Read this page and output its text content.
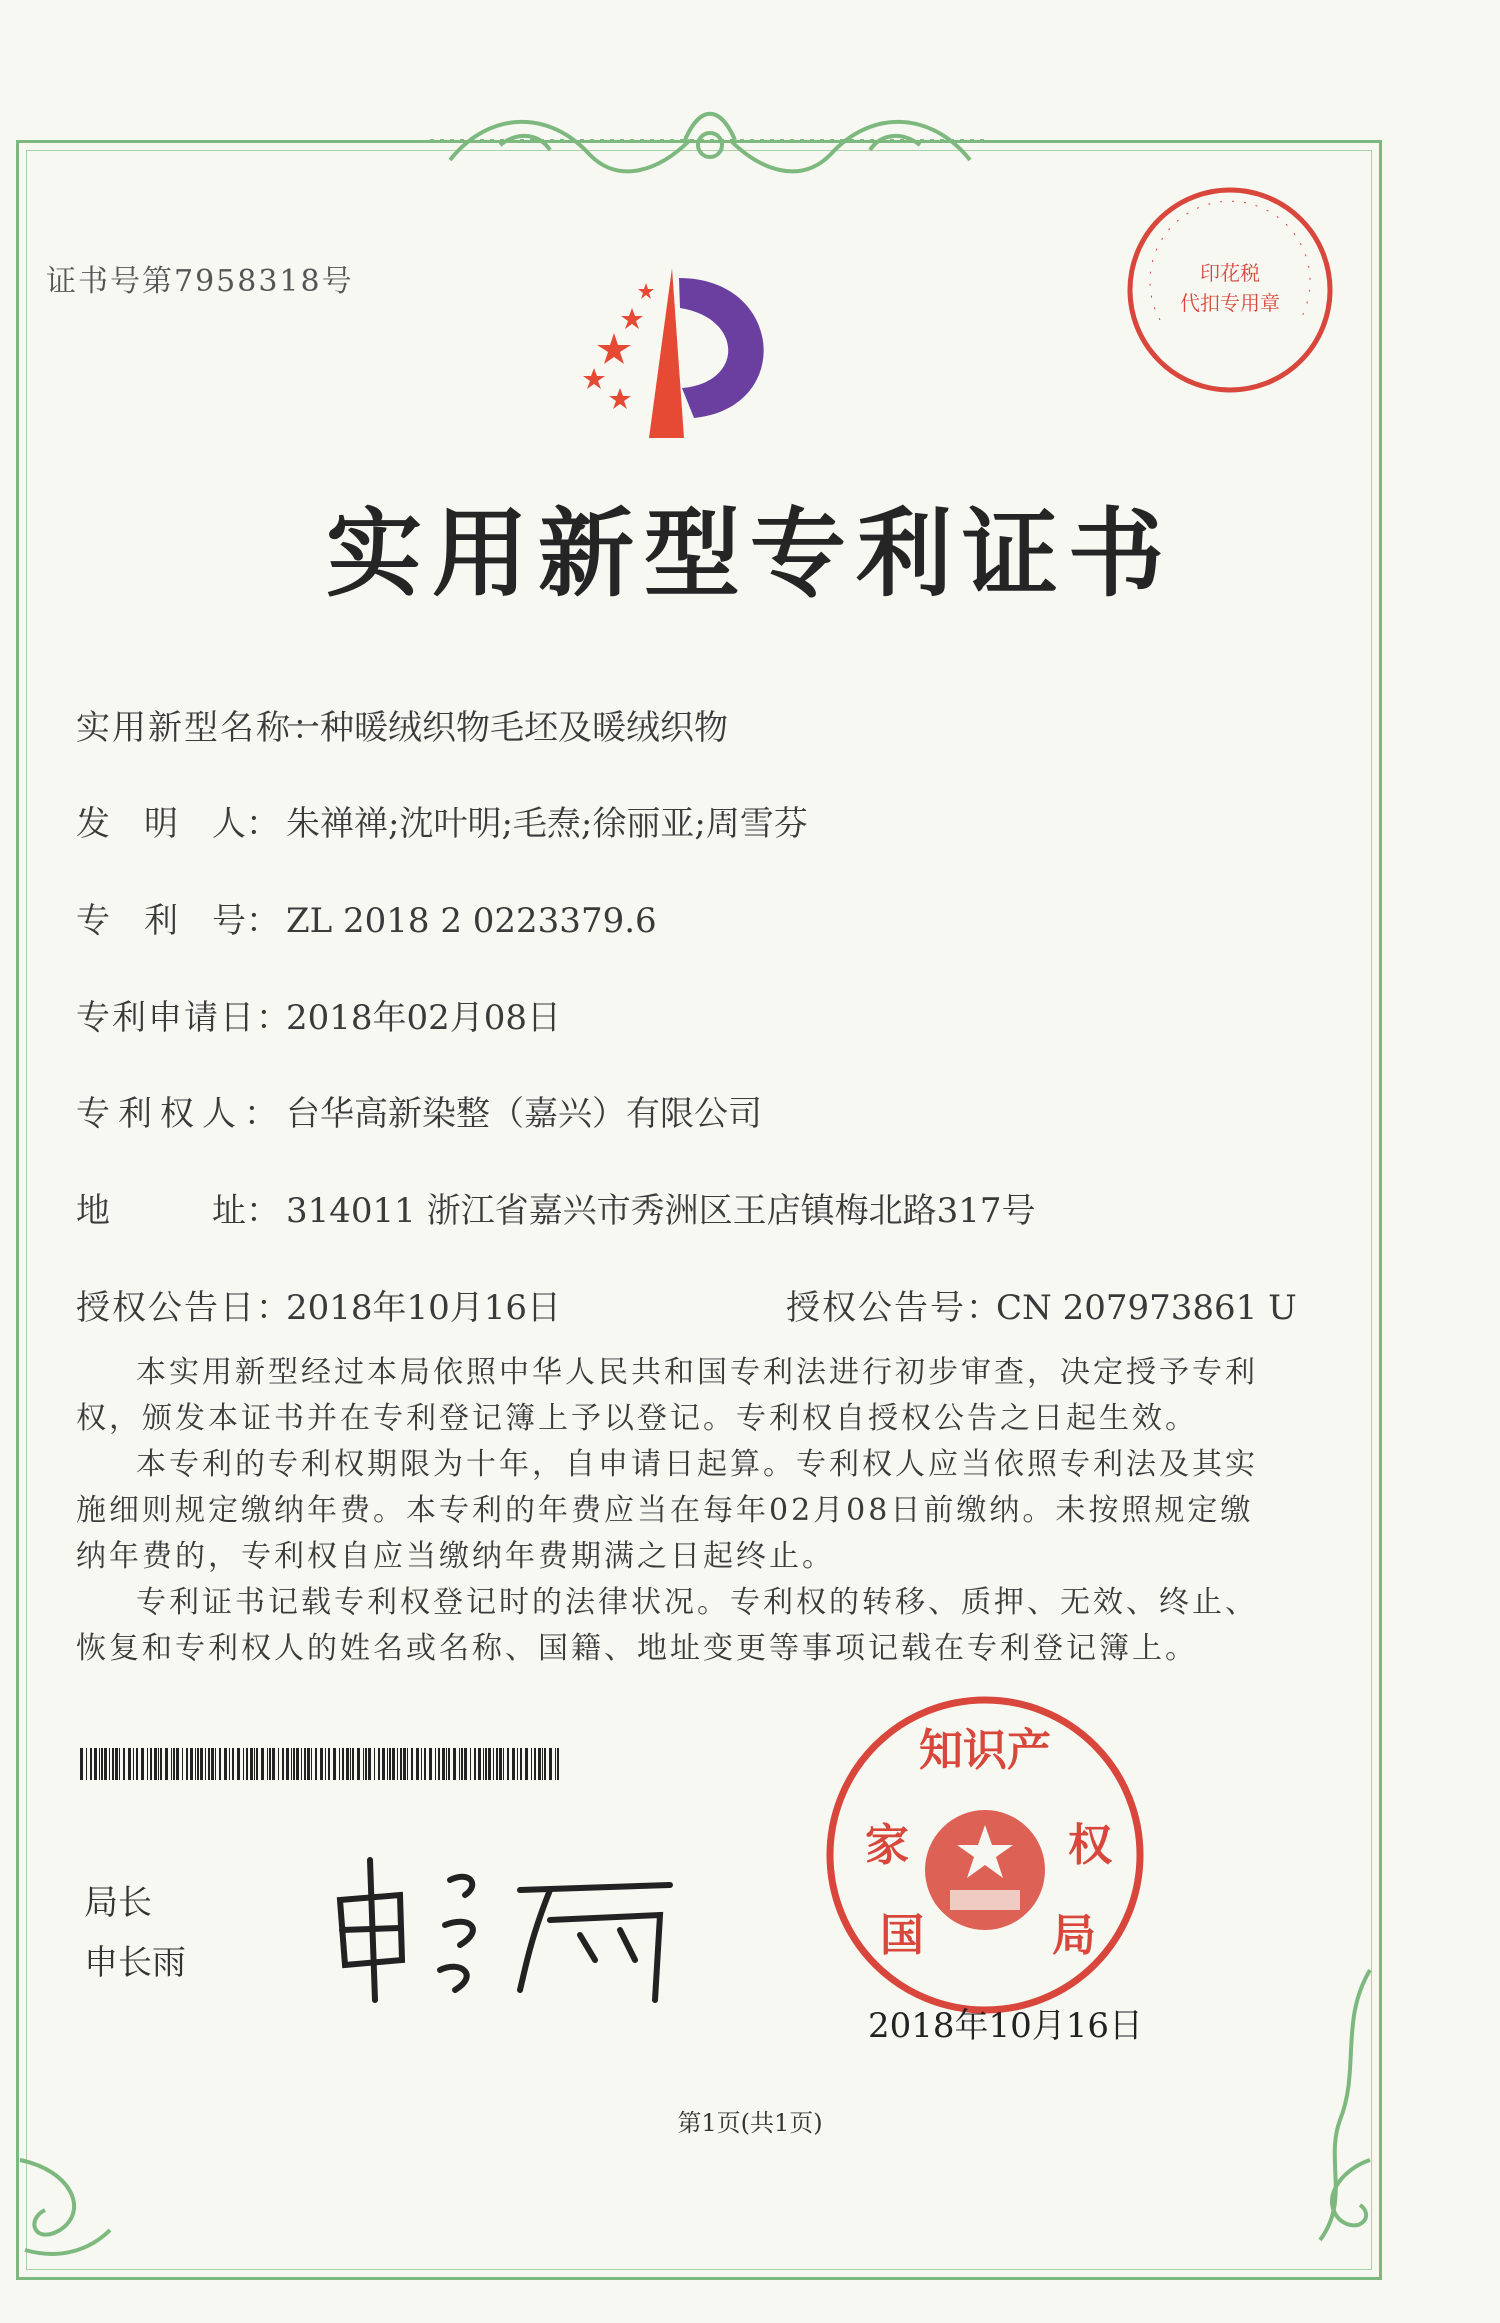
证书号第7958318号	印花税
代扣专用章
实用新型专利证书
实用新型名称：一种暖绒织物毛坯及暖绒织物
发　明　人： 朱禅禅;沈叶明;毛焘;徐丽亚;周雪芬
专　利　号： ZL 2018 2 0223379.6
专利申请日：2018年02月08日
专利权人：台华高新染整（嘉兴）有限公司
地　　　址： 314011 浙江省嘉兴市秀洲区王店镇梅北路317号
授权公告日：2018年10月16日	授权公告号：CN 207973861 U

本实用新型经过本局依照中华人民共和国专利法进行初步审查，决定授予专利权，颁发本证书并在专利登记簿上予以登记。专利权自授权公告之日起生效。

本专利的专利权期限为十年，自申请日起算。专利权人应当依照专利法及其实施细则规定缴纳年费。本专利的年费应当在每年02月08日前缴纳。未按照规定缴纳年费的，专利权自应当缴纳年费期满之日起终止。

专利证书记载专利权登记时的法律状况。专利权的转移、质押、无效、终止、恢复和专利权人的姓名或名称、国籍、地址变更等事项记载在专利登记簿上。

局长
申长雨
知识产
家	权
国	局
2018年10月16日
第1页(共1页)
